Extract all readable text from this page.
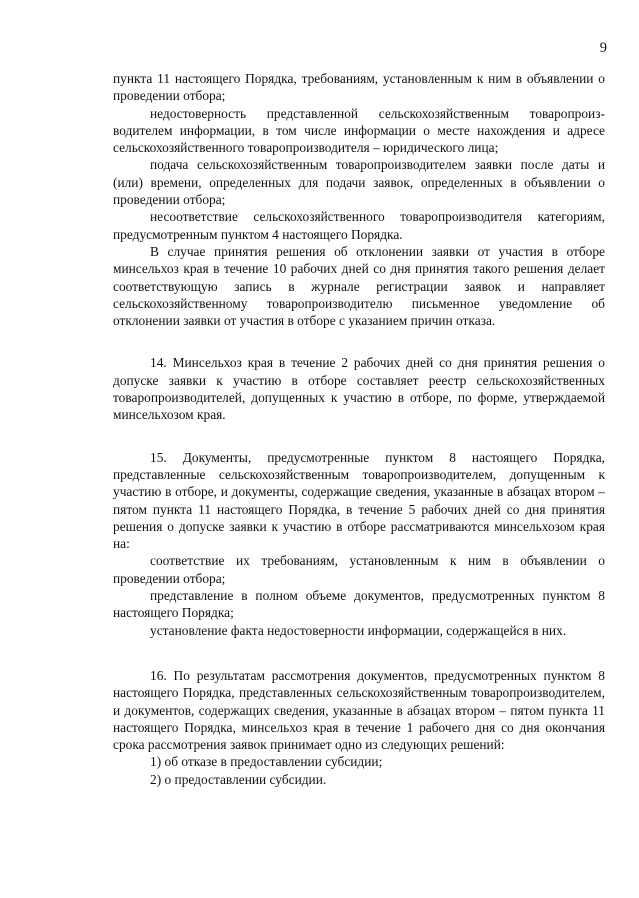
9

пункта 11 настоящего Порядка, требованиям, установленным к ним в объявлении о проведении отбора;

недостоверность представленной сельскохозяйственным товаропроизводителем информации, в том числе информации о месте нахождения и адресе сельскохозяйственного товаропроизводителя – юридического лица;

подача сельскохозяйственным товаропроизводителем заявки после даты и (или) времени, определенных для подачи заявок, определенных в объявлении о проведении отбора;

несоответствие сельскохозяйственного товаропроизводителя категориям, предусмотренным пунктом 4 настоящего Порядка.

В случае принятия решения об отклонении заявки от участия в отборе минсельхоз края в течение 10 рабочих дней со дня принятия такого решения делает соответствующую запись в журнале регистрации заявок и направляет сельскохозяйственному товаропроизводителю письменное уведомление об отклонении заявки от участия в отборе с указанием причин отказа.

14. Минсельхоз края в течение 2 рабочих дней со дня принятия решения о допуске заявки к участию в отборе составляет реестр сельскохозяйственных товаропроизводителей, допущенных к участию в отборе, по форме, утверждаемой минсельхозом края.

15. Документы, предусмотренные пунктом 8 настоящего Порядка, представленные сельскохозяйственным товаропроизводителем, допущенным к участию в отборе, и документы, содержащие сведения, указанные в абзацах втором – пятом пункта 11 настоящего Порядка, в течение 5 рабочих дней со дня принятия решения о допуске заявки к участию в отборе рассматриваются минсельхозом края на:

соответствие их требованиям, установленным к ним в объявлении о проведении отбора;

представление в полном объеме документов, предусмотренных пунктом 8 настоящего Порядка;

установление факта недостоверности информации, содержащейся в них.

16. По результатам рассмотрения документов, предусмотренных пунктом 8 настоящего Порядка, представленных сельскохозяйственным товаропроизводителем, и документов, содержащих сведения, указанные в абзацах втором – пятом пункта 11 настоящего Порядка, минсельхоз края в течение 1 рабочего дня со дня окончания срока рассмотрения заявок принимает одно из следующих решений:

1) об отказе в предоставлении субсидии;

2) о предоставлении субсидии.
